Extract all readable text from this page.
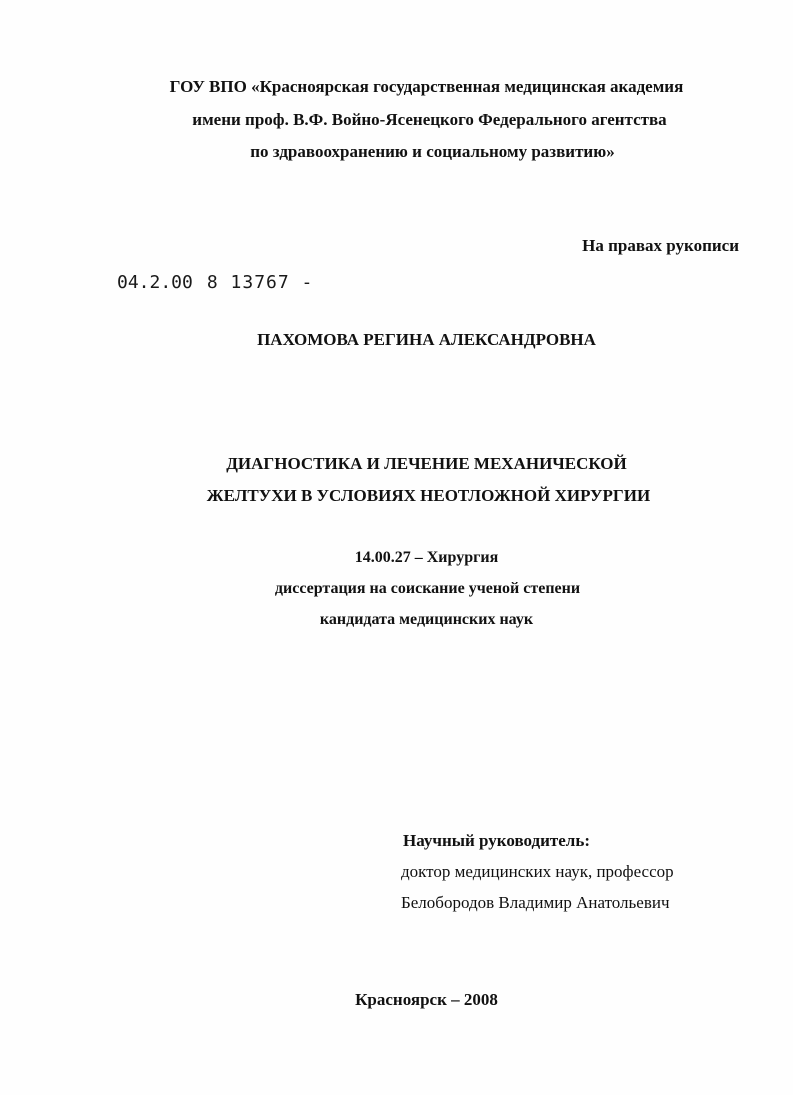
ГОУ ВПО «Красноярская государственная медицинская академия
имени проф. В.Ф. Войно-Ясенецкого Федерального агентства
по здравоохранению и социальному развитию»
На правах рукописи
04.2.00 8 13767 -
ПАХОМОВА РЕГИНА АЛЕКСАНДРОВНА
ДИАГНОСТИКА И ЛЕЧЕНИЕ МЕХАНИЧЕСКОЙ
ЖЕЛТУХИ В УСЛОВИЯХ НЕОТЛОЖНОЙ ХИРУРГИИ
14.00.27 – Хирургия
диссертация на соискание ученой степени
кандидата медицинских наук
Научный руководитель:
доктор медицинских наук, профессор
Белобородов Владимир Анатольевич
Красноярск – 2008
